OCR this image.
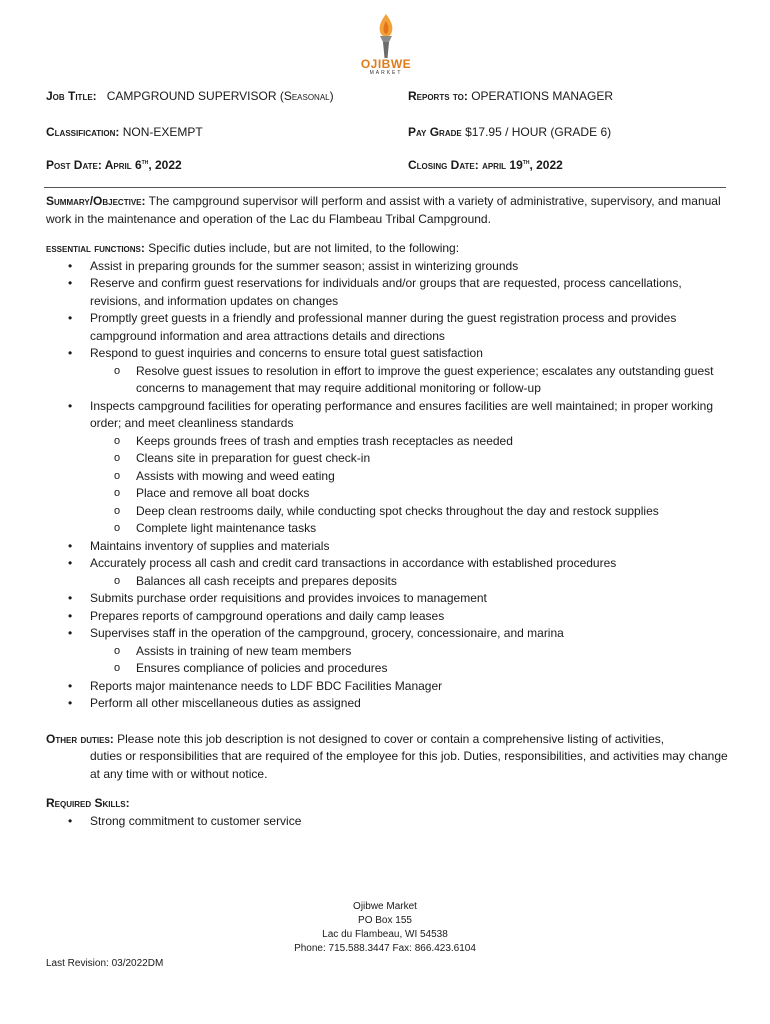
OJIBWE
MARKET
Job Title: CAMPGROUND SUPERVISOR (Seasonal)	Reports to: OPERATIONS MANAGER
Classification: NON-EXEMPT	Pay Grade $17.95 / HOUR (GRADE 6)
Post Date: April 6th, 2022	Closing Date: april 19th, 2022

Summary/Objective: The campground supervisor will perform and assist with a variety of administrative, supervisory, and manual work in the maintenance and operation of the Lac du Flambeau Tribal Campground.

essential functions: Specific duties include, but are not limited, to the following:

• Assist in preparing grounds for the summer season; assist in winterizing grounds
• Reserve and confirm guest reservations for individuals and/or groups that are requested, process cancellations, revisions, and information updates on changes
• Promptly greet guests in a friendly and professional manner during the guest registration process and provides campground information and area attractions details and directions
• Respond to guest inquiries and concerns to ensure total guest satisfaction
o Resolve guest issues to resolution in effort to improve the guest experience; escalates any outstanding guest concerns to management that may require additional monitoring or follow-up
• Inspects campground facilities for operating performance and ensures facilities are well maintained; in proper working order; and meet cleanliness standards
o Keeps grounds frees of trash and empties trash receptacles as needed
o Cleans site in preparation for guest check-in
o Assists with mowing and weed eating
o Place and remove all boat docks
o Deep clean restrooms daily, while conducting spot checks throughout the day and restock supplies
o Complete light maintenance tasks
• Maintains inventory of supplies and materials
• Accurately process all cash and credit card transactions in accordance with established procedures
o Balances all cash receipts and prepares deposits
• Submits purchase order requisitions and provides invoices to management
• Prepares reports of campground operations and daily camp leases
• Supervises staff in the operation of the campground, grocery, concessionaire, and marina
o Assists in training of new team members
o Ensures compliance of policies and procedures
• Reports major maintenance needs to LDF BDC Facilities Manager
• Perform all other miscellaneous duties as assigned

Other duties: Please note this job description is not designed to cover or contain a comprehensive listing of activities,

duties or responsibilities that are required of the employee for this job. Duties, responsibilities, and activities may change at any time with or without notice.

Required Skills:

• Strong commitment to customer service
Ojibwe Market
PO Box 155
Lac du Flambeau, WI 54538
Phone: 715.588.3447 Fax: 866.423.6104
Last Revision: 03/2022DM
